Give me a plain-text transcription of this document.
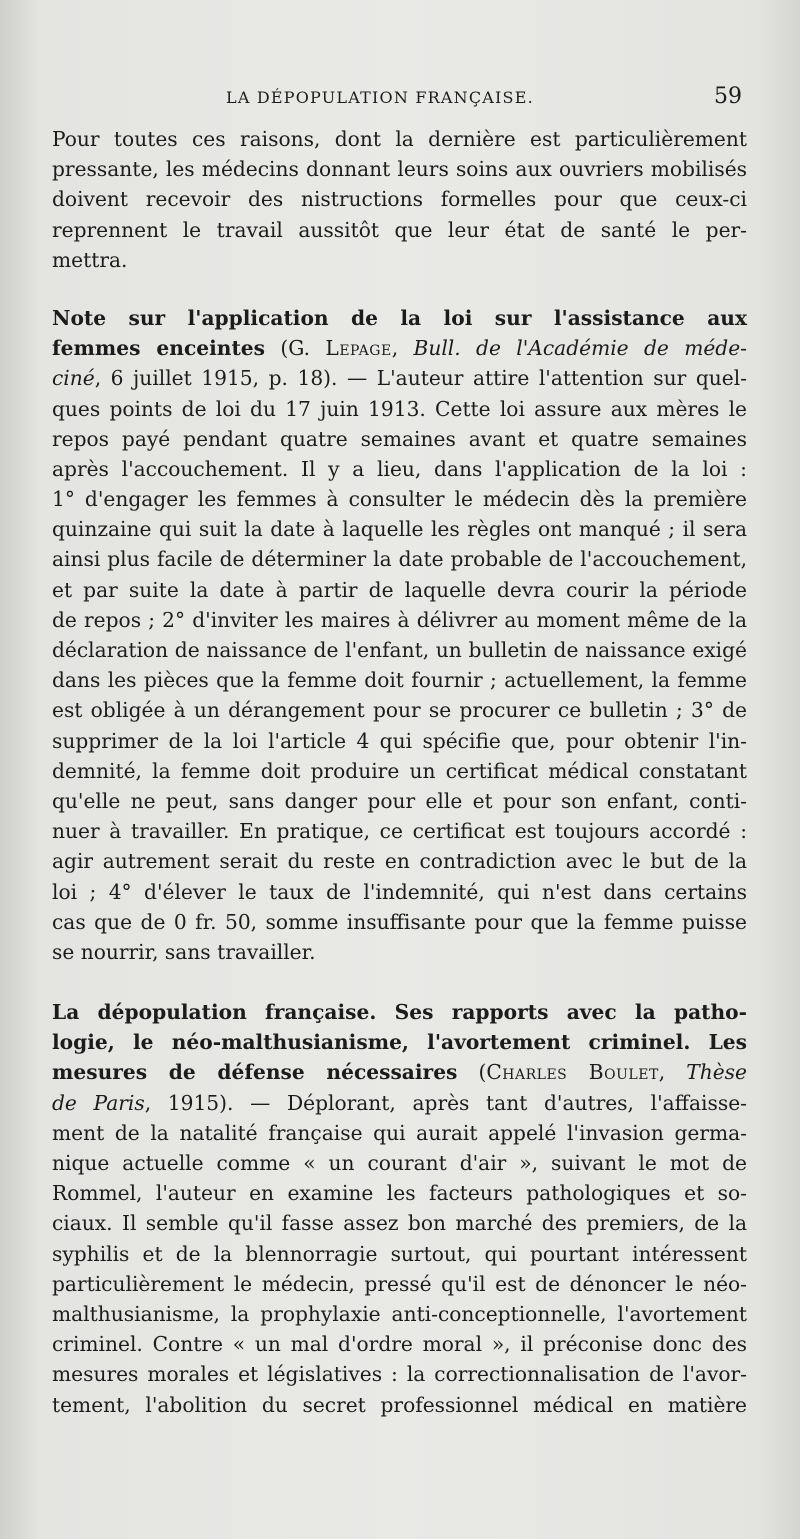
LA DÉPOPULATION FRANÇAISE.	59
Pour toutes ces raisons, dont la dernière est particulièrement
pressante, les médecins donnant leurs soins aux ouvriers mobilisés
doivent recevoir des nistructions formelles pour que ceux-ci
reprennent le travail aussitôt que leur état de santé le per-
mettra.
Note sur l'application de la loi sur l'assistance aux
femmes enceintes (G. Lepage, Bull. de l'Académie de méde-
ciné, 6 juillet 1915, p. 18). — L'auteur attire l'attention sur quel-
ques points de loi du 17 juin 1913. Cette loi assure aux mères le
repos payé pendant quatre semaines avant et quatre semaines
après l'accouchement. Il y a lieu, dans l'application de la loi :
1° d'engager les femmes à consulter le médecin dès la première
quinzaine qui suit la date à laquelle les règles ont manqué ; il sera
ainsi plus facile de déterminer la date probable de l'accouchement,
et par suite la date à partir de laquelle devra courir la période
de repos ; 2° d'inviter les maires à délivrer au moment même de la
déclaration de naissance de l'enfant, un bulletin de naissance exigé
dans les pièces que la femme doit fournir ; actuellement, la femme
est obligée à un dérangement pour se procurer ce bulletin ; 3° de
supprimer de la loi l'article 4 qui spécifie que, pour obtenir l'in-
demnité, la femme doit produire un certificat médical constatant
qu'elle ne peut, sans danger pour elle et pour son enfant, conti-
nuer à travailler. En pratique, ce certificat est toujours accordé :
agir autrement serait du reste en contradiction avec le but de la
loi ; 4° d'élever le taux de l'indemnité, qui n'est dans certains
cas que de 0 fr. 50, somme insuffisante pour que la femme puisse
se nourrir, sans travailler.
La dépopulation française. Ses rapports avec la patho-
logie, le néo-malthusianisme, l'avortement criminel. Les
mesures de défense nécessaires (Charles Boulet, Thèse
de Paris, 1915). — Déplorant, après tant d'autres, l'affaisse-
ment de la natalité française qui aurait appelé l'invasion germa-
nique actuelle comme « un courant d'air », suivant le mot de
Rommel, l'auteur en examine les facteurs pathologiques et so-
ciaux. Il semble qu'il fasse assez bon marché des premiers, de la
syphilis et de la blennorragie surtout, qui pourtant intéressent
particulièrement le médecin, pressé qu'il est de dénoncer le néo-
malthusianisme, la prophylaxie anti-conceptionnelle, l'avortement
criminel. Contre « un mal d'ordre moral », il préconise donc des
mesures morales et législatives : la correctionnalisation de l'avor-
tement, l'abolition du secret professionnel médical en matière
